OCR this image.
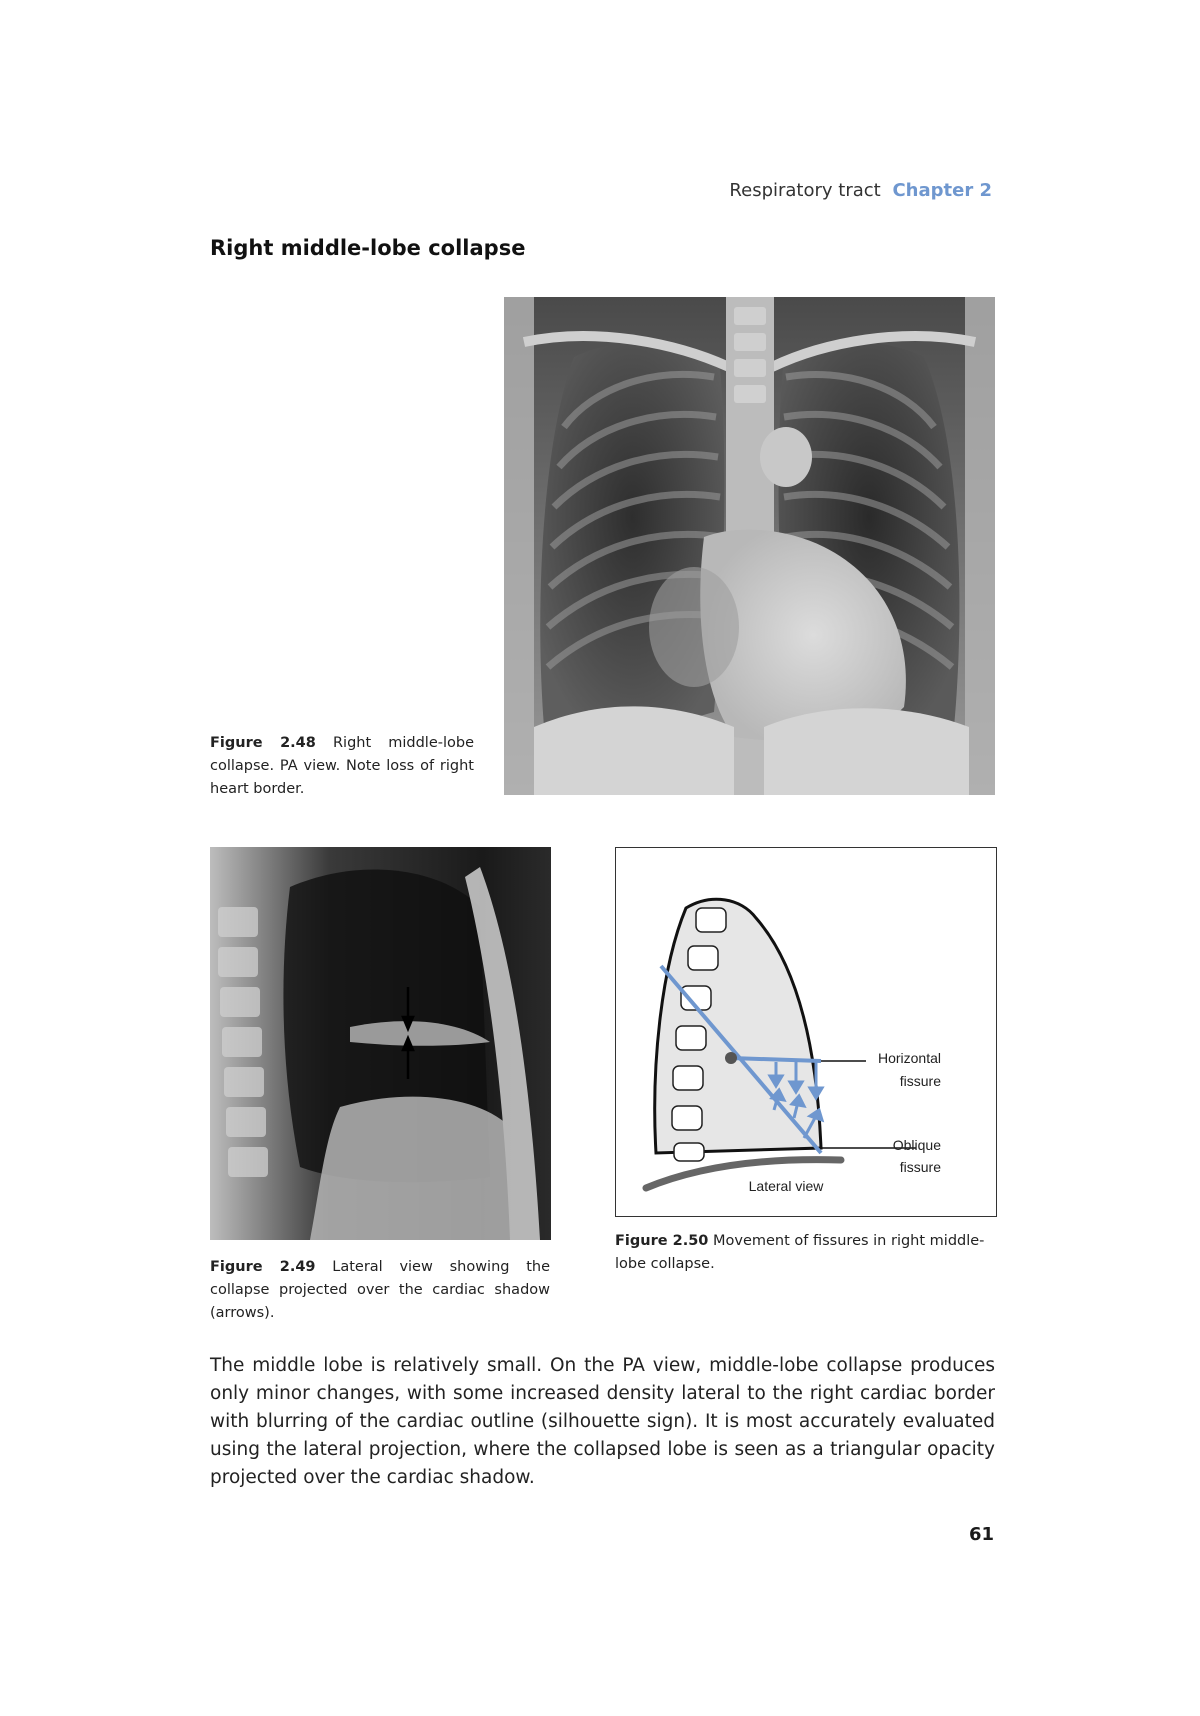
Respiratory tract Chapter 2
Right middle-lobe collapse
Figure 2.48 Right middle-lobe collapse. PA view. Note loss of right heart border.
Figure 2.49 Lateral view showing the collapse projected over the cardiac shadow (arrows).
Horizontal
fissure
Oblique
fissure
Lateral view
Figure 2.50 Movement of fissures in right middle-lobe collapse.
The middle lobe is relatively small. On the PA view, middle-lobe collapse produces only minor changes, with some increased density lateral to the right cardiac border with blurring of the cardiac outline (silhouette sign). It is most accurately evaluated using the lateral projection, where the collapsed lobe is seen as a triangular opacity projected over the cardiac shadow.
61
